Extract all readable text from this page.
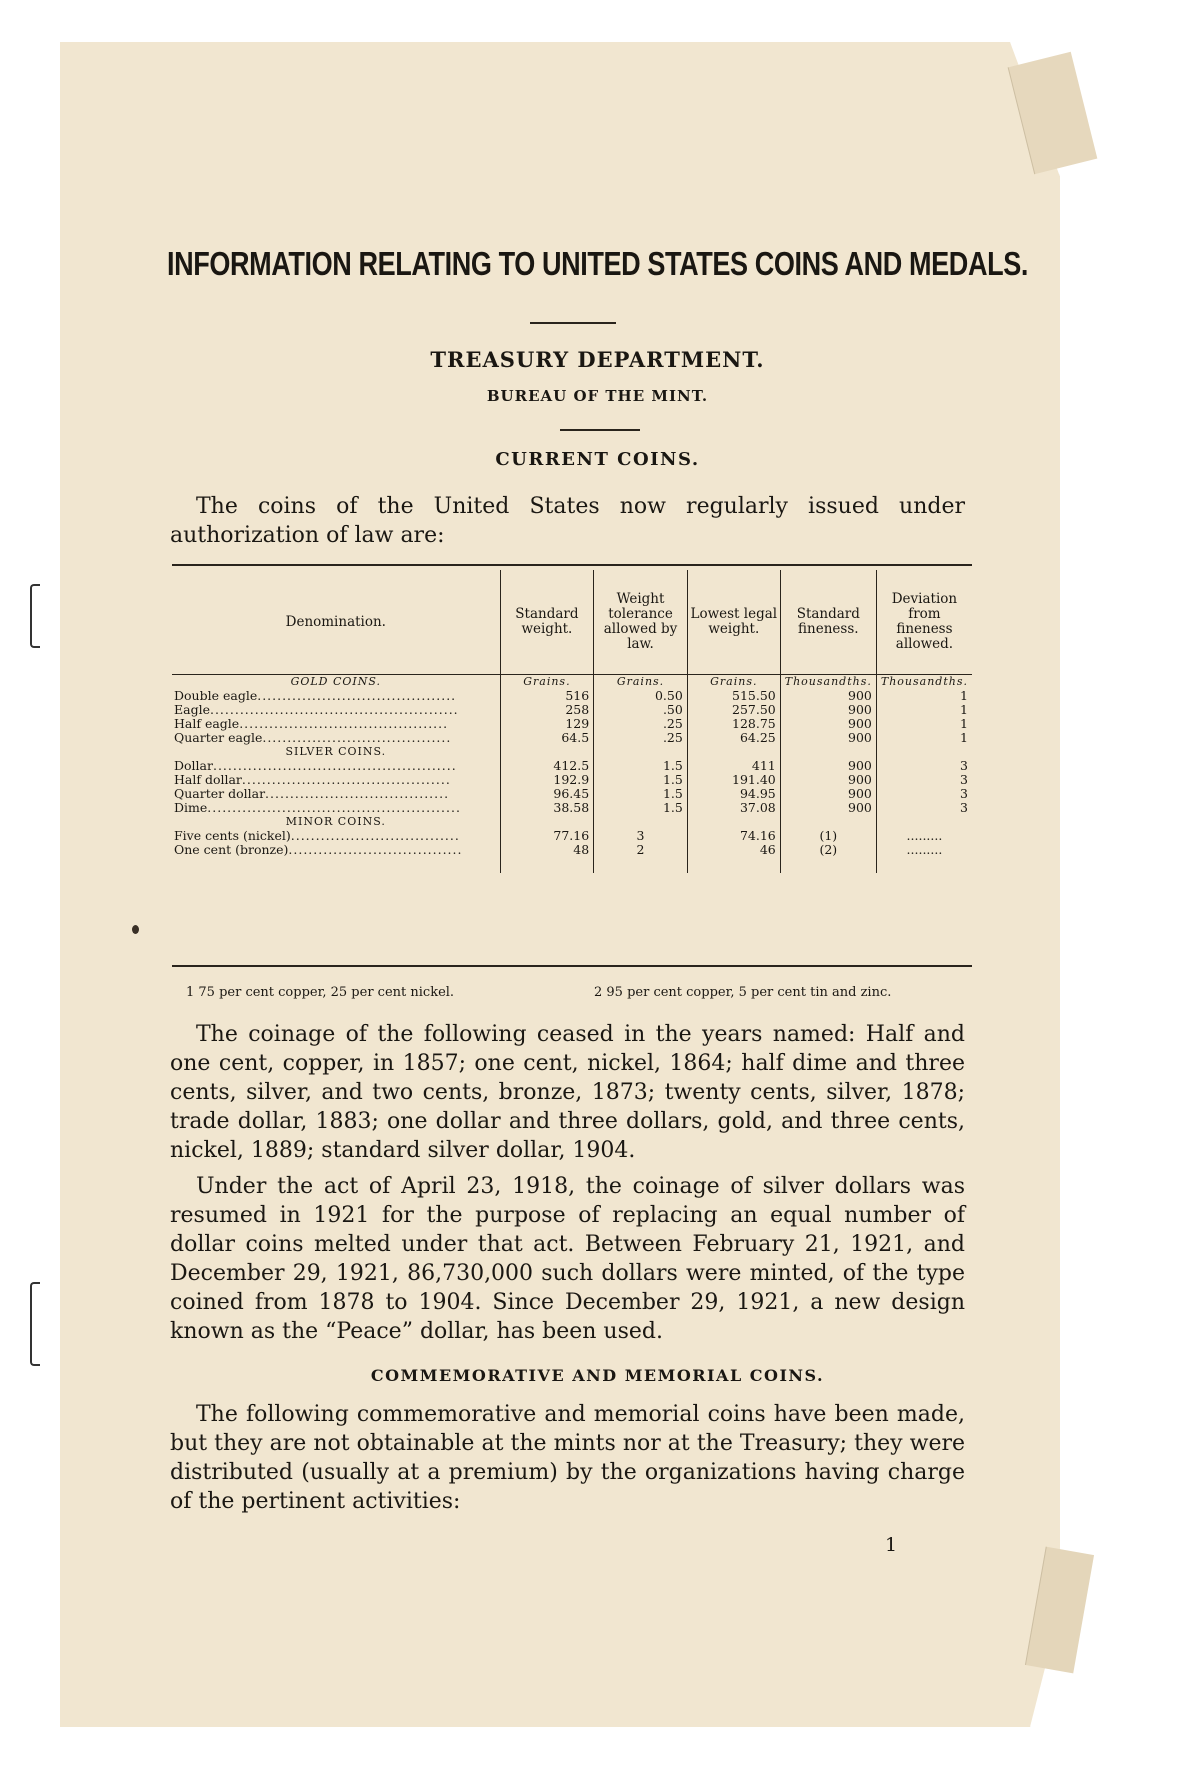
INFORMATION RELATING TO UNITED STATES COINS AND MEDALS.
TREASURY DEPARTMENT.
BUREAU OF THE MINT.
CURRENT COINS.
The coins of the United States now regularly issued under authorization of law are:
Denomination.	Standard weight.	Weight tolerance allowed by law.	Lowest legal weight.	Standard fineness.	Deviation from fineness allowed.
GOLD COINS.	Grains.	Grains.	Grains.	Thousandths.	Thousandths.
Double eagle........................................	516	0.50	515.50	900	1
Eagle..................................................	258	.50	257.50	900	1
Half eagle..........................................	129	.25	128.75	900	1
Quarter eagle......................................	64.5	.25	64.25	900	1
SILVER COINS.					
Dollar.................................................	412.5	1.5	411	900	3
Half dollar..........................................	192.9	1.5	191.40	900	3
Quarter dollar.....................................	96.45	1.5	94.95	900	3
Dime...................................................	38.58	1.5	37.08	900	3
MINOR COINS.					
Five cents (nickel)..................................	77.16	3	74.16	(1)	.........
One cent (bronze)...................................	48	2	46	(2)	.........

1 75 per cent copper, 25 per cent nickel.	2 95 per cent copper, 5 per cent tin and zinc.
The coinage of the following ceased in the years named: Half and one cent, copper, in 1857; one cent, nickel, 1864; half dime and three cents, silver, and two cents, bronze, 1873; twenty cents, silver, 1878; trade dollar, 1883; one dollar and three dollars, gold, and three cents, nickel, 1889; standard silver dollar, 1904.
Under the act of April 23, 1918, the coinage of silver dollars was resumed in 1921 for the purpose of replacing an equal number of dollar coins melted under that act. Between February 21, 1921, and December 29, 1921, 86,730,000 such dollars were minted, of the type coined from 1878 to 1904. Since December 29, 1921, a new design known as the “Peace” dollar, has been used.
COMMEMORATIVE AND MEMORIAL COINS.
The following commemorative and memorial coins have been made, but they are not obtainable at the mints nor at the Treasury; they were distributed (usually at a premium) by the organizations having charge of the pertinent activities:
1
